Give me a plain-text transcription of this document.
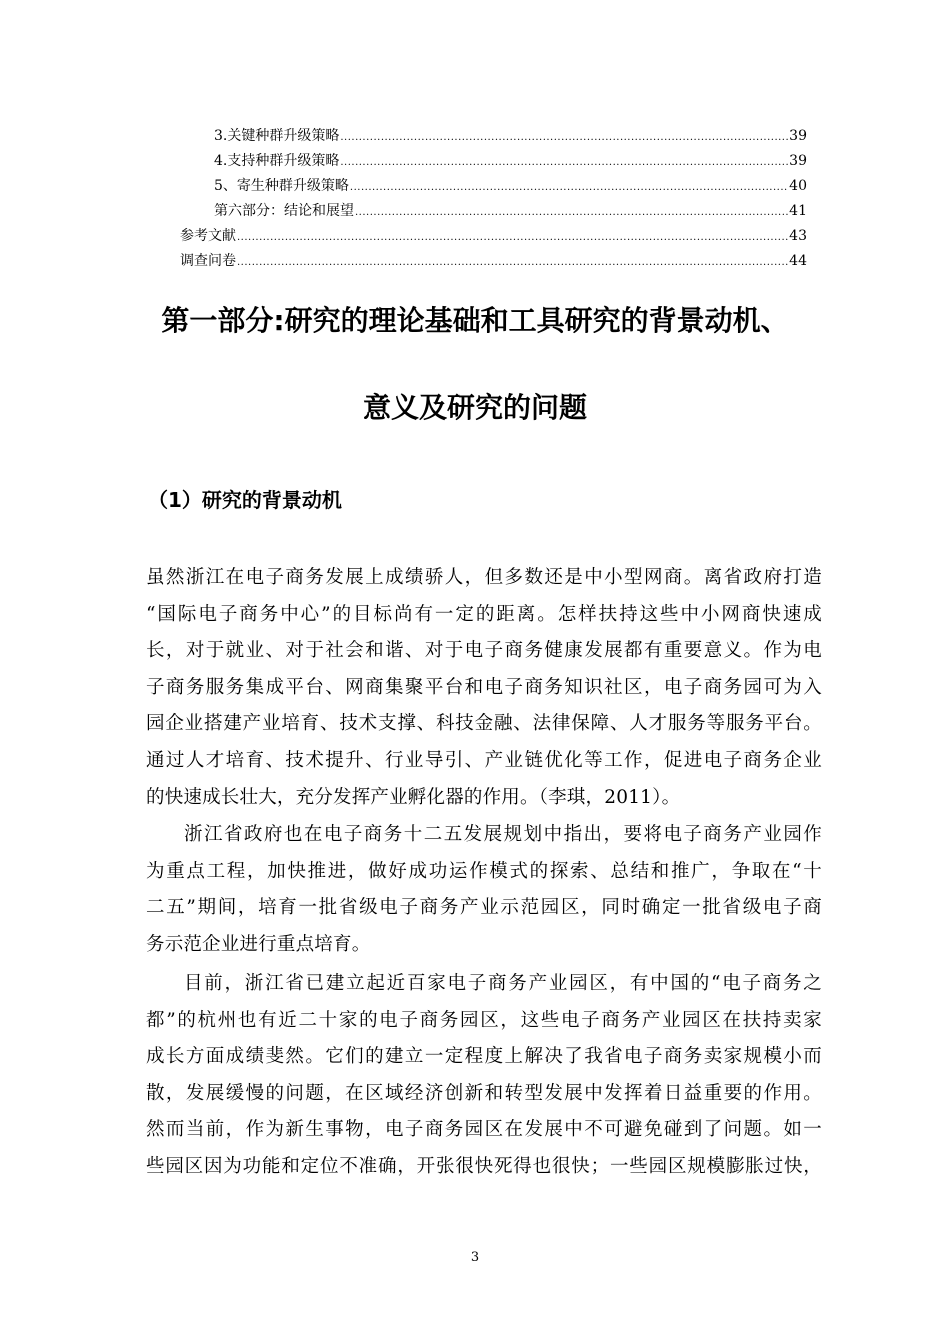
3.关键种群升级策略 .....	39
4.支持种群升级策略 .....	39
5、寄生种群升级策略 .....	40
第六部分：结论和展望 .....	41
参考文献 .....	43
调查问卷 .....	44
第一部分:研究的理论基础和工具研究的背景动机、
意义及研究的问题
（1）研究的背景动机
虽然浙江在电子商务发展上成绩骄人，但多数还是中小型网商。离省政府打造
“国际电子商务中心”的目标尚有一定的距离。怎样扶持这些中小网商快速成
长，对于就业、对于社会和谐、对于电子商务健康发展都有重要意义。作为电
子商务服务集成平台、网商集聚平台和电子商务知识社区，电子商务园可为入
园企业搭建产业培育、技术支撑、科技金融、法律保障、人才服务等服务平台。
通过人才培育、技术提升、行业导引、产业链优化等工作，促进电子商务企业
的快速成长壮大，充分发挥产业孵化器的作用。（李琪，2011）。
浙江省政府也在电子商务十二五发展规划中指出，要将电子商务产业园作
为重点工程，加快推进，做好成功运作模式的探索、总结和推广，争取在“十
二五”期间，培育一批省级电子商务产业示范园区，同时确定一批省级电子商
务示范企业进行重点培育。
目前，浙江省已建立起近百家电子商务产业园区，有中国的“电子商务之
都”的杭州也有近二十家的电子商务园区，这些电子商务产业园区在扶持卖家
成长方面成绩斐然。它们的建立一定程度上解决了我省电子商务卖家规模小而
散，发展缓慢的问题，在区域经济创新和转型发展中发挥着日益重要的作用。
然而当前，作为新生事物，电子商务园区在发展中不可避免碰到了问题。如一
些园区因为功能和定位不准确，开张很快死得也很快；一些园区规模膨胀过快，
3
